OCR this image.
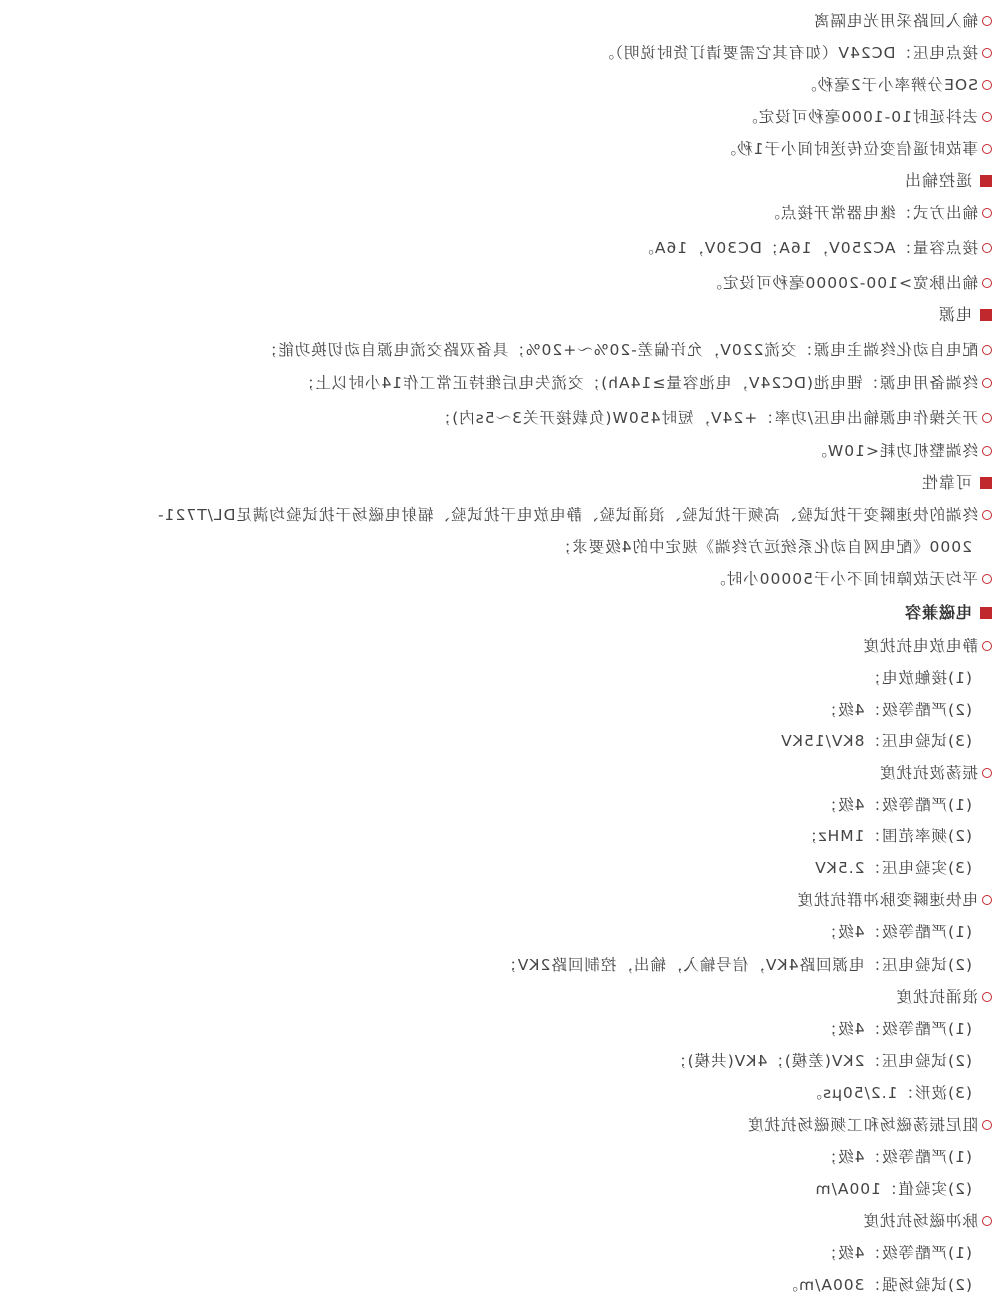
输入回路采用光电隔离
接点电压：DC24V（如有其它需要请订货时说明）。
SOE分辨率小于2毫秒。
去抖延时10-1000毫秒可设定。
事故时遥信变位传送时间小于1秒。
遥控输出
输出方式：继电器常开接点。
接点容量：AC250V，16A；DC30V，16A。
输出脉宽>100-20000毫秒可设定。
电源
配电自动化终端主电源：交流220V，允许偏差-20%～+20%；具备双路交流电源自动切换功能；
终端备用电源：锂电池(DC24V，电池容量≥14Ah)；交流失电后维持正常工作14小时以上；
开关操作电源输出电压/功率：+24V，短时450W(负载接开关3～5s内)；
终端整机功耗<10W。
可靠性
终端的快速瞬变干扰试验、高频干扰试验、浪涌试验、静电放电干扰试验、辐射电磁场干扰试验均满足DL/T721-
2000《配电网自动化系统远方终端》规定中的4级要求；
平均无故障时间不小于50000小时。
电磁兼容
静电放电抗扰度
(1)接触放电；
(2)严酷等级：4级；
(3)试验电压：8KV/15KV
振荡波抗扰度
(1)严酷等级：4级；
(2)频率范围：1MHz；
(3)实验电压：2.5KV
电快速瞬变脉冲群抗扰度
(1)严酷等级：4级；
(2)试验电压：电源回路4KV，信号输入，输出，控制回路2KV；
浪涌抗扰度
(1)严酷等级：4级；
(2)试验电压：2KV(差模)；4KV(共模)；
(3)波形：1.2/50μs。
阻尼振荡磁场和工频磁场抗扰度
(1)严酷等级：4级；
(2)实验值：100A/m
脉冲磁场抗扰度
(1)严酷等级：4级；
(2)试验场强：300A/m。
